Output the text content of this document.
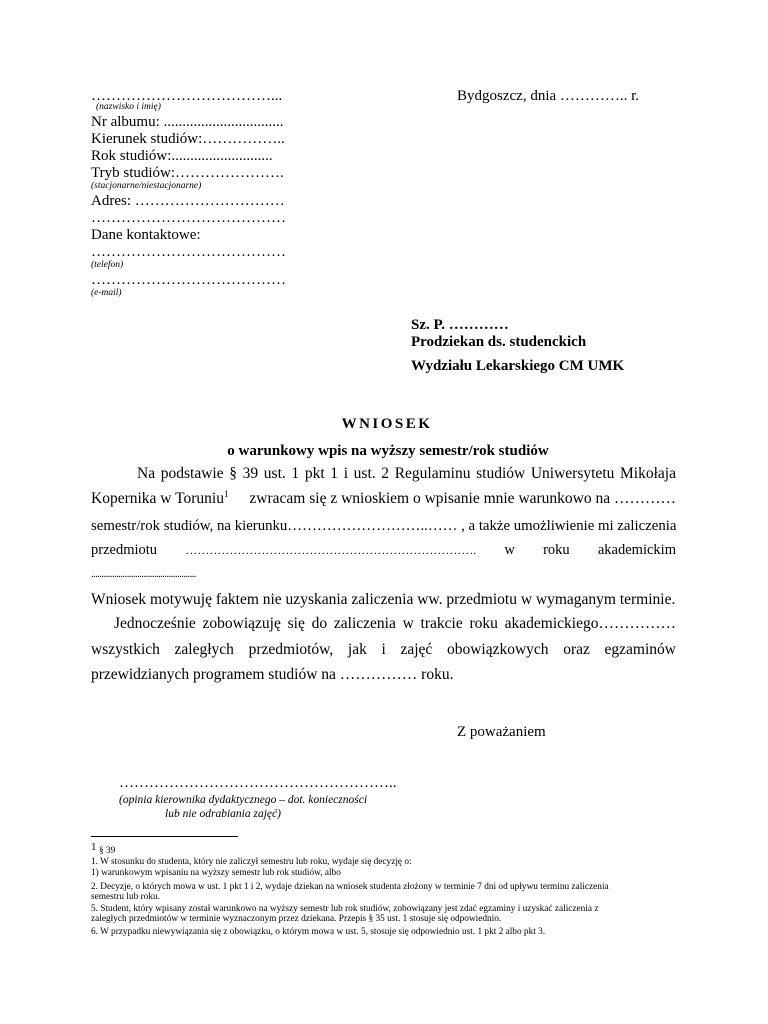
………………………………...
(nazwisko i imię)
Nr albumu: ................................
Kierunek studiów:……………..
Rok studiów:...........................
Tryb studiów:………………….
(stacjonarne/niestacjonarne)
Adres: …………………………
…………………………………
Dane kontaktowe:
…………………………………
(telefon)
…………………………………
(e-mail)
Bydgoszcz, dnia ………….. r.
Sz. P. …………
Prodziekan ds. studenckich
Wydziału Lekarskiego CM UMK
WNIOSEK
o warunkowy wpis na wyższy semestr/rok studiów
Na podstawie § 39 ust. 1 pkt 1 i ust. 2 Regulaminu studiów Uniwersytetu Mikołaja
Kopernika w Toruniu$^1$ zwracam się z wnioskiem o wpisanie mnie warunkowo na …………
semestr/rok studiów, na kierunku………………………..…… , a także umożliwienie mi zaliczenia
przedmiotu ………………………………………………………………. w roku akademickim
..................................................
Wniosek motywuję faktem nie uzyskania zaliczenia ww. przedmiotu w wymaganym terminie.
Jednocześnie zobowiązuję się do zaliczenia w trakcie roku akademickiego……………
wszystkich zaległych przedmiotów, jak i zajęć obowiązkowych oraz egzaminów
przewidzianych programem studiów na …………… roku.
Z poważaniem
………………………………………………..
(opinia kierownika dydaktycznego – dot. konieczności
lub nie odrabiania zajęć)
1 § 39
1. W stosunku do studenta, który nie zaliczył semestru lub roku, wydaje się decyzję o:
1) warunkowym wpisaniu na wyższy semestr lub rok studiów, albo
2. Decyzje, o których mowa w ust. 1 pkt 1 i 2, wydaje dziekan na wniosek studenta złożony w terminie 7 dni od upływu terminu zaliczenia
semestru lub roku.
5. Student, który wpisany został warunkowo na wyższy semestr lub rok studiów, zobowiązany jest zdać egzaminy i uzyskać zaliczenia z
zaległych przedmiotów w terminie wyznaczonym przez dziekana. Przepis § 35 ust. 1 stosuje się odpowiednio.
6. W przypadku niewywiązania się z obowiązku, o którym mowa w ust. 5, stosuje się odpowiednio ust. 1 pkt 2 albo pkt 3.
